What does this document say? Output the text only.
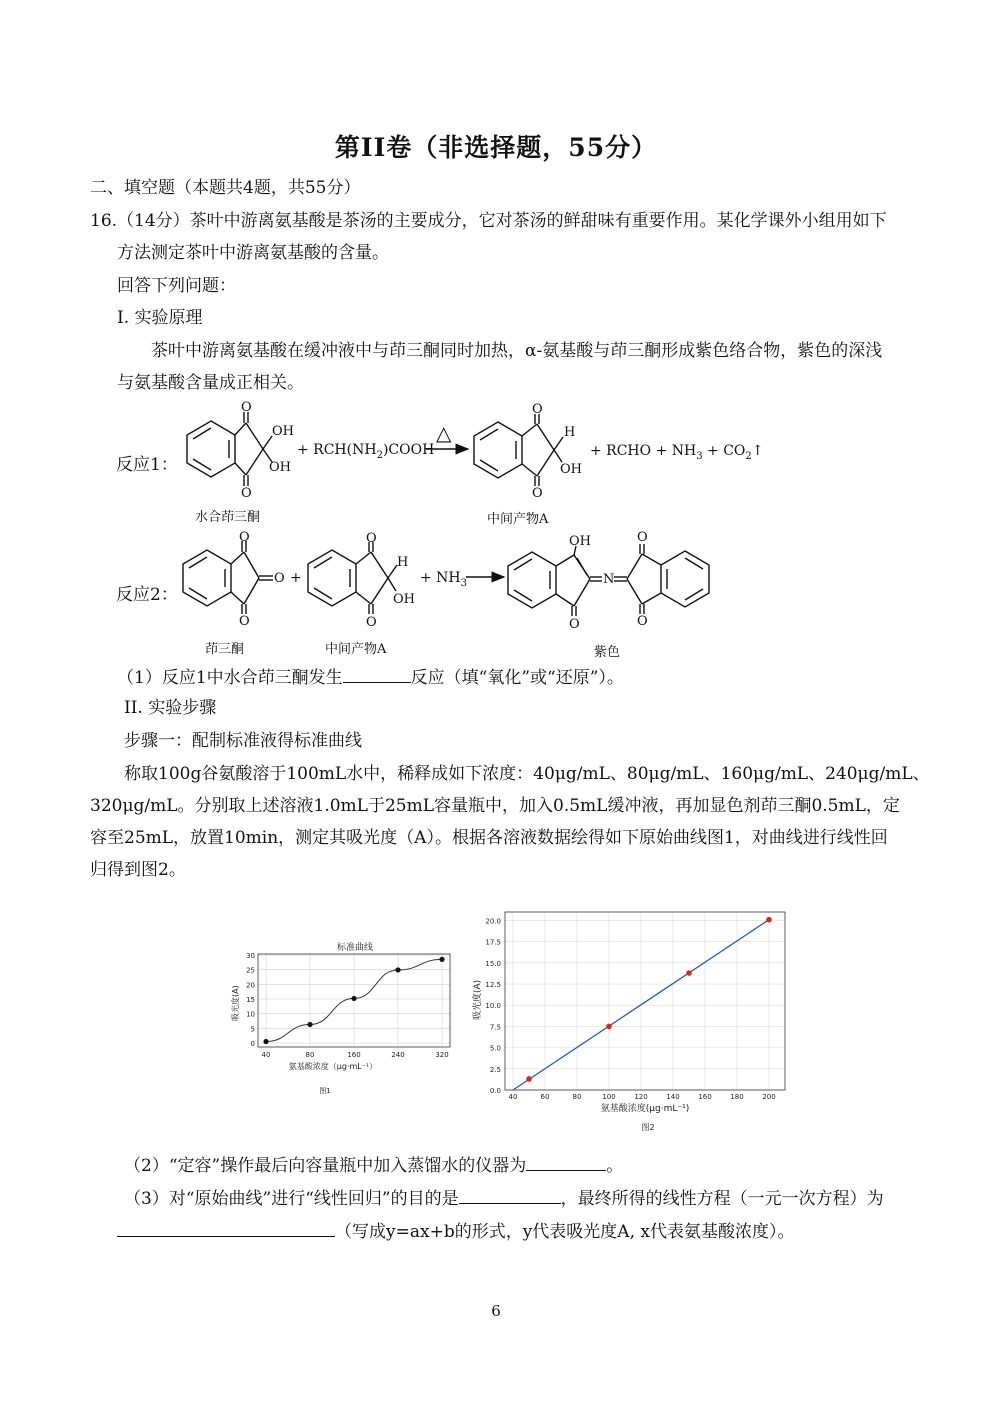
第II卷（非选择题，55分）
二、填空题（本题共4题，共55分）
16.（14分）茶叶中游离氨基酸是茶汤的主要成分，它对茶汤的鲜甜味有重要作用。某化学课外小组用如下
方法测定茶叶中游离氨基酸的含量。
回答下列问题：
I. 实验原理
茶叶中游离氨基酸在缓冲液中与茚三酮同时加热，α-氨基酸与茚三酮形成紫色络合物，紫色的深浅
与氨基酸含量成正相关。
O
O
OH
OH
O
O
H
OH
O
O
O
O
O
H
OH
OH
O
N
O
O
+ $RCH(NH_2)COOH$
△
+ RCHO + $NH_3$ + $CO_2↑$
+	+ $NH_3$
反应1：
反应2：
水合茚三酮	中间产物A
茚三酮	中间产物A	紫色
（1）反应1中水合茚三酮发生	反应（填“氧化”或“还原”）。
II. 实验步骤
步骤一：配制标准液得标准曲线
称取100g谷氨酸溶于100mL水中，稀释成如下浓度：40μg/mL、80μg/mL、160μg/mL、240μg/mL、
320μg/mL。分别取上述溶液1.0mL于25mL容量瓶中，加入0.5mL缓冲液，再加显色剂茚三酮0.5mL，定
容至25mL，放置10min，测定其吸光度（A）。根据各溶液数据绘得如下原始曲线图1，对曲线进行线性回
归得到图2。
标准曲线
0
5
10
15
20
25
30
40	80	160	240	320
氨基酸浓度（μg·mL⁻¹）
吸光度(A)
图1	0.0
2.5
5.0
7.5
10.0
12.5
15.0
17.5
20.0
40	60	80	100	120	140	160	180	200
氨基酸浓度(μg·mL⁻¹)
吸光度(A)
图2
（2）“定容”操作最后向容量瓶中加入蒸馏水的仪器为	。
（3）对“原始曲线”进行“线性回归”的目的是	，最终所得的线性方程（一元一次方程）为
（写成y=ax+b的形式，y代表吸光度A, x代表氨基酸浓度）。
6
